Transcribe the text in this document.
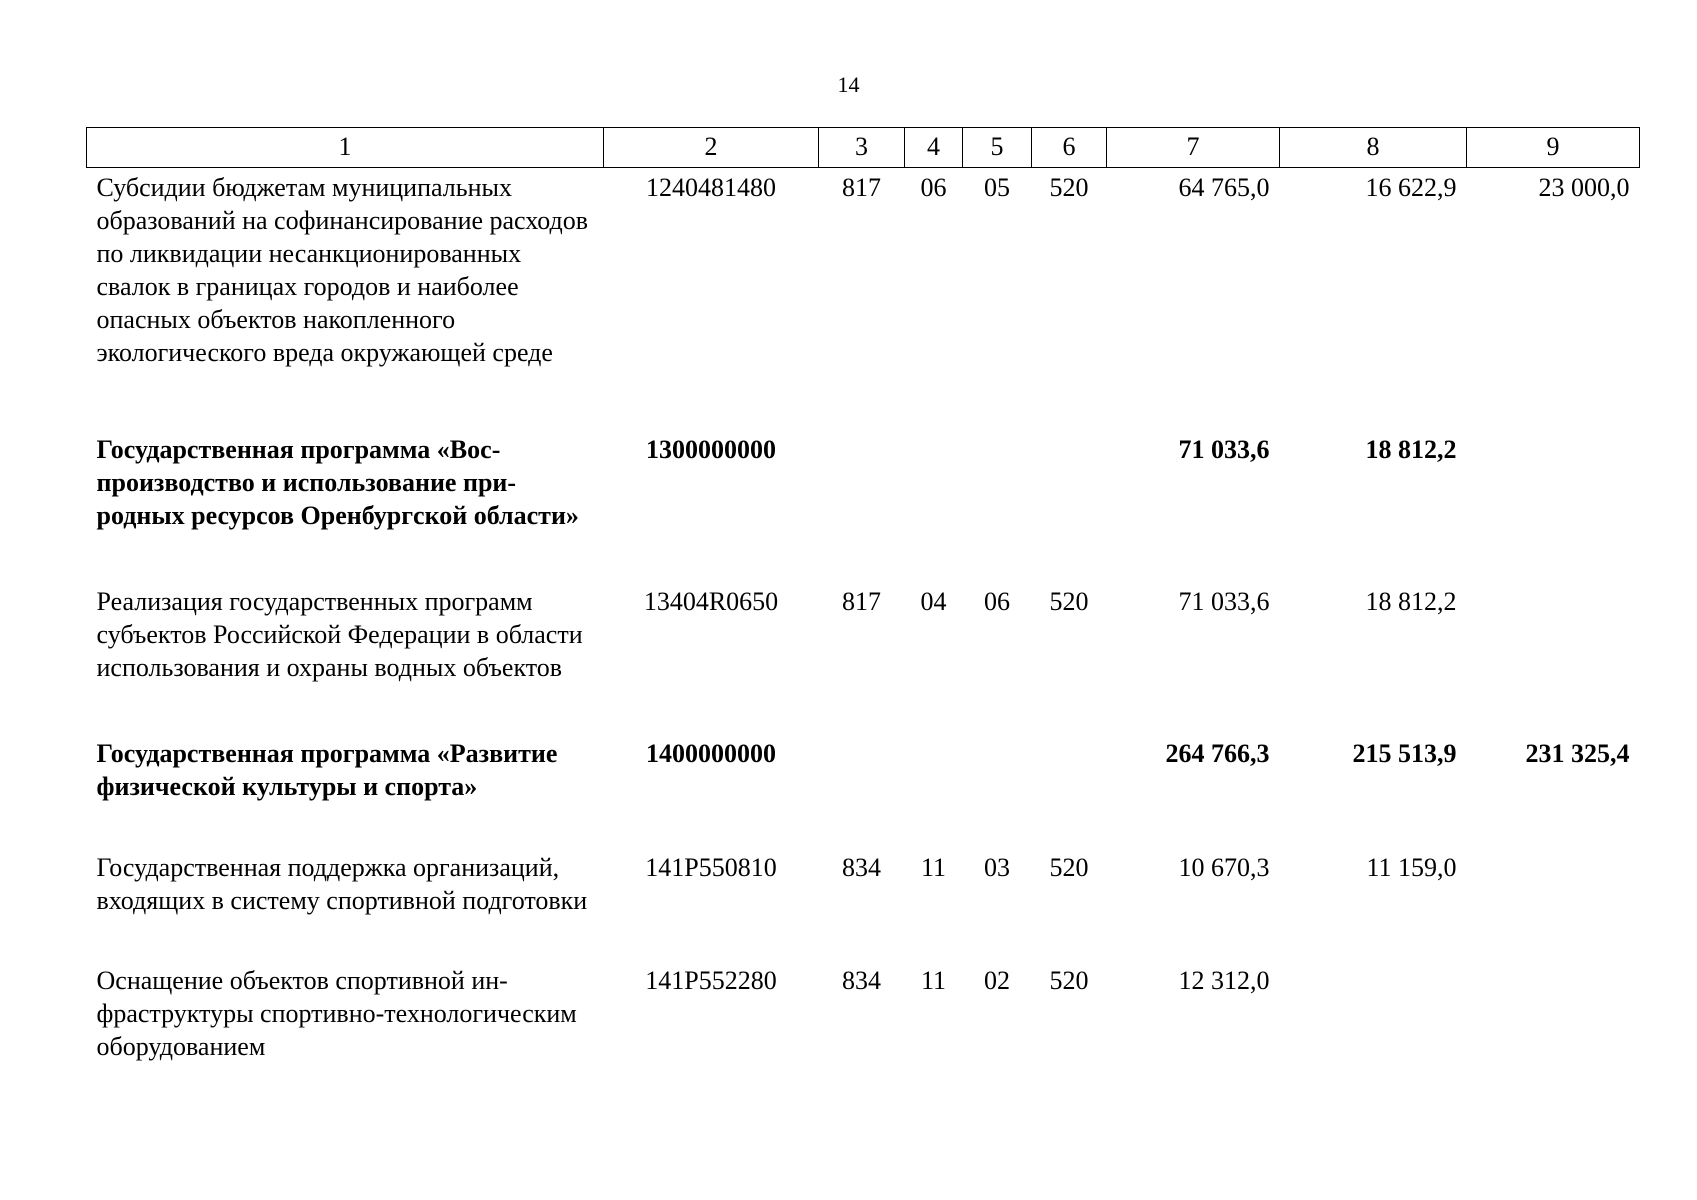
14
1	2	3	4	5	6	7	8	9
Субсидии бюджетам муниципальных образований на софинансирование расходов по ликвидации несанкционированных свалок в границах городов и наиболее опасных объектов накопленного экологического вреда окружающей среде	1240481480	817	06	05	520	64 765,0	16 622,9	23 000,0
Государственная программа «Воспроизводство и использование природных ресурсов Оренбургской области»	1300000000					71 033,6	18 812,2	
Реализация государственных программ субъектов Российской Федерации в области использования и охраны водных объектов	13404R0650	817	04	06	520	71 033,6	18 812,2	
Государственная программа «Развитие физической культуры и спорта»	1400000000					264 766,3	215 513,9	231 325,4
Государственная поддержка организаций, входящих в систему спортивной подготовки	141P550810	834	11	03	520	10 670,3	11 159,0	
Оснащение объектов спортивной инфраструктуры спортивно-технологическим оборудованием	141P552280	834	11	02	520	12 312,0		
